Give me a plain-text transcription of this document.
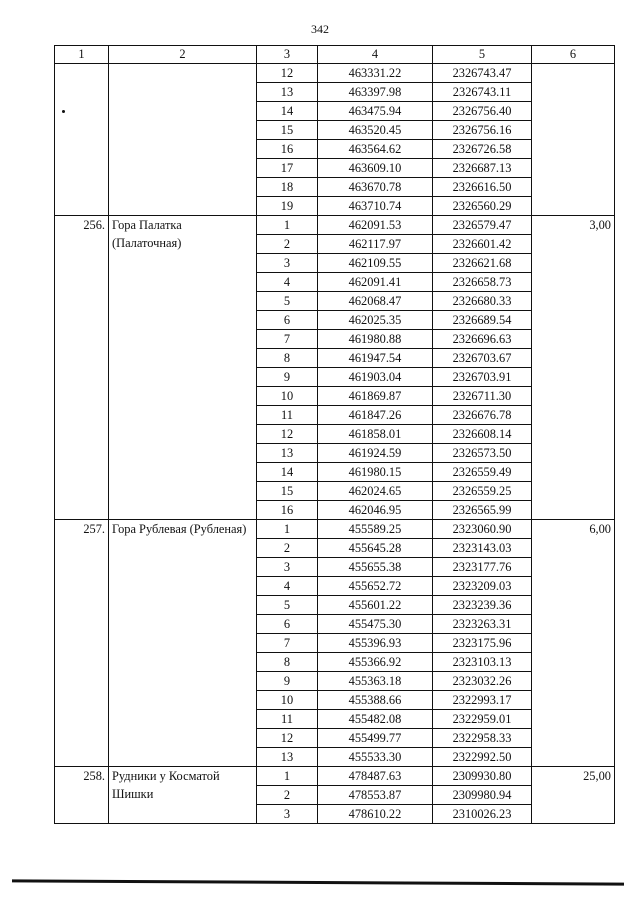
342
1	2	3	4	5	6
		12	463331.22	2326743.47	
		13	463397.98	2326743.11	
		14	463475.94	2326756.40	
		15	463520.45	2326756.16	
		16	463564.62	2326726.58	
		17	463609.10	2326687.13	
		18	463670.78	2326616.50	
		19	463710.74	2326560.29	
256.	Гора Палатка (Палаточная)	1	462091.53	2326579.47	3,00
		2	462117.97	2326601.42	
		3	462109.55	2326621.68	
		4	462091.41	2326658.73	
		5	462068.47	2326680.33	
		6	462025.35	2326689.54	
		7	461980.88	2326696.63	
		8	461947.54	2326703.67	
		9	461903.04	2326703.91	
		10	461869.87	2326711.30	
		11	461847.26	2326676.78	
		12	461858.01	2326608.14	
		13	461924.59	2326573.50	
		14	461980.15	2326559.49	
		15	462024.65	2326559.25	
		16	462046.95	2326565.99	
257.	Гора Рублевая (Рубленая)	1	455589.25	2323060.90	6,00
		2	455645.28	2323143.03	
		3	455655.38	2323177.76	
		4	455652.72	2323209.03	
		5	455601.22	2323239.36	
		6	455475.30	2323263.31	
		7	455396.93	2323175.96	
		8	455366.92	2323103.13	
		9	455363.18	2323032.26	
		10	455388.66	2322993.17	
		11	455482.08	2322959.01	
		12	455499.77	2322958.33	
		13	455533.30	2322992.50	
258.	Рудники у Косматой Шишки	1	478487.63	2309930.80	25,00
		2	478553.87	2309980.94	
		3	478610.22	2310026.23	
